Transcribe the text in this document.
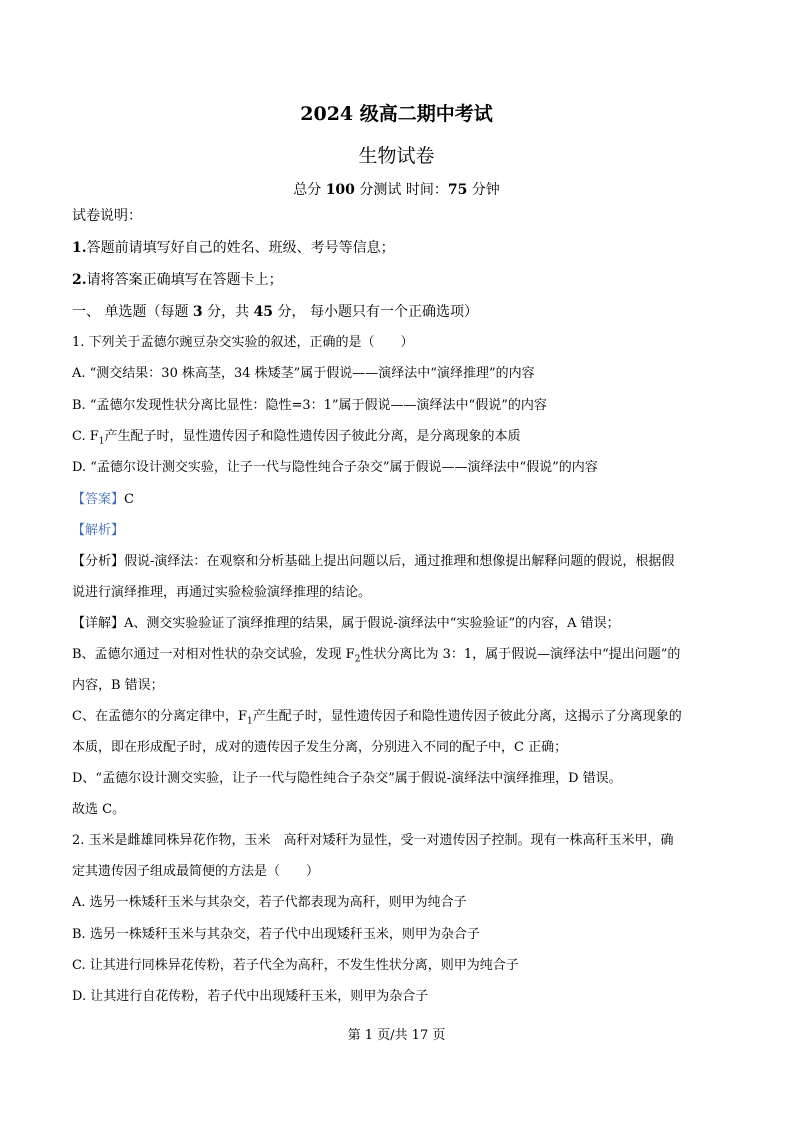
2024 级高二期中考试
生物试卷
总分 100 分测试 时间：75 分钟
试卷说明：
1.答题前请填写好自己的姓名、班级、考号等信息；
2.请将答案正确填写在答题卡上；
一、 单选题（每题 3 分，共 45 分， 每小题只有一个正确选项）
1. 下列关于孟德尔豌豆杂交实验的叙述，正确的是（　　）
A. “测交结果：30 株高茎，34 株矮茎”属于假说——演绎法中“演绎推理”的内容
B. “孟德尔发现性状分离比显性：隐性=3：1”属于假说——演绎法中“假说”的内容
C. $F_1$产生配子时，显性遗传因子和隐性遗传因子彼此分离，是分离现象的本质
D. “孟德尔设计测交实验，让子一代与隐性纯合子杂交”属于假说——演绎法中“假说”的内容
【答案】C
【解析】
【分析】假说-演绎法：在观察和分析基础上提出问题以后，通过推理和想像提出解释问题的假说，根据假
说进行演绎推理，再通过实验检验演绎推理的结论。
【详解】A、测交实验验证了演绎推理的结果，属于假说-演绎法中“实验验证”的内容，A 错误；
B、孟德尔通过一对相对性状的杂交试验，发现 $F_2$性状分离比为 3：1，属于假说—演绎法中“提出问题”的
内容，B 错误；
C、在孟德尔的分离定律中，$F_1$产生配子时，显性遗传因子和隐性遗传因子彼此分离，这揭示了分离现象的
本质，即在形成配子时，成对的遗传因子发生分离，分别进入不同的配子中，C 正确；
D、“孟德尔设计测交实验，让子一代与隐性纯合子杂交”属于假说-演绎法中演绎推理，D 错误。
故选 C。
2. 玉米是雌雄同株异花作物，玉米　高秆对矮秆为显性，受一对遗传因子控制。现有一株高秆玉米甲，确
定其遗传因子组成最简便的方法是（　　）
A. 选另一株矮秆玉米与其杂交，若子代都表现为高秆，则甲为纯合子
B. 选另一株矮秆玉米与其杂交，若子代中出现矮秆玉米，则甲为杂合子
C. 让其进行同株异花传粉，若子代全为高秆，不发生性状分离，则甲为纯合子
D. 让其进行自花传粉，若子代中出现矮秆玉米，则甲为杂合子
第 1 页/共 17 页
